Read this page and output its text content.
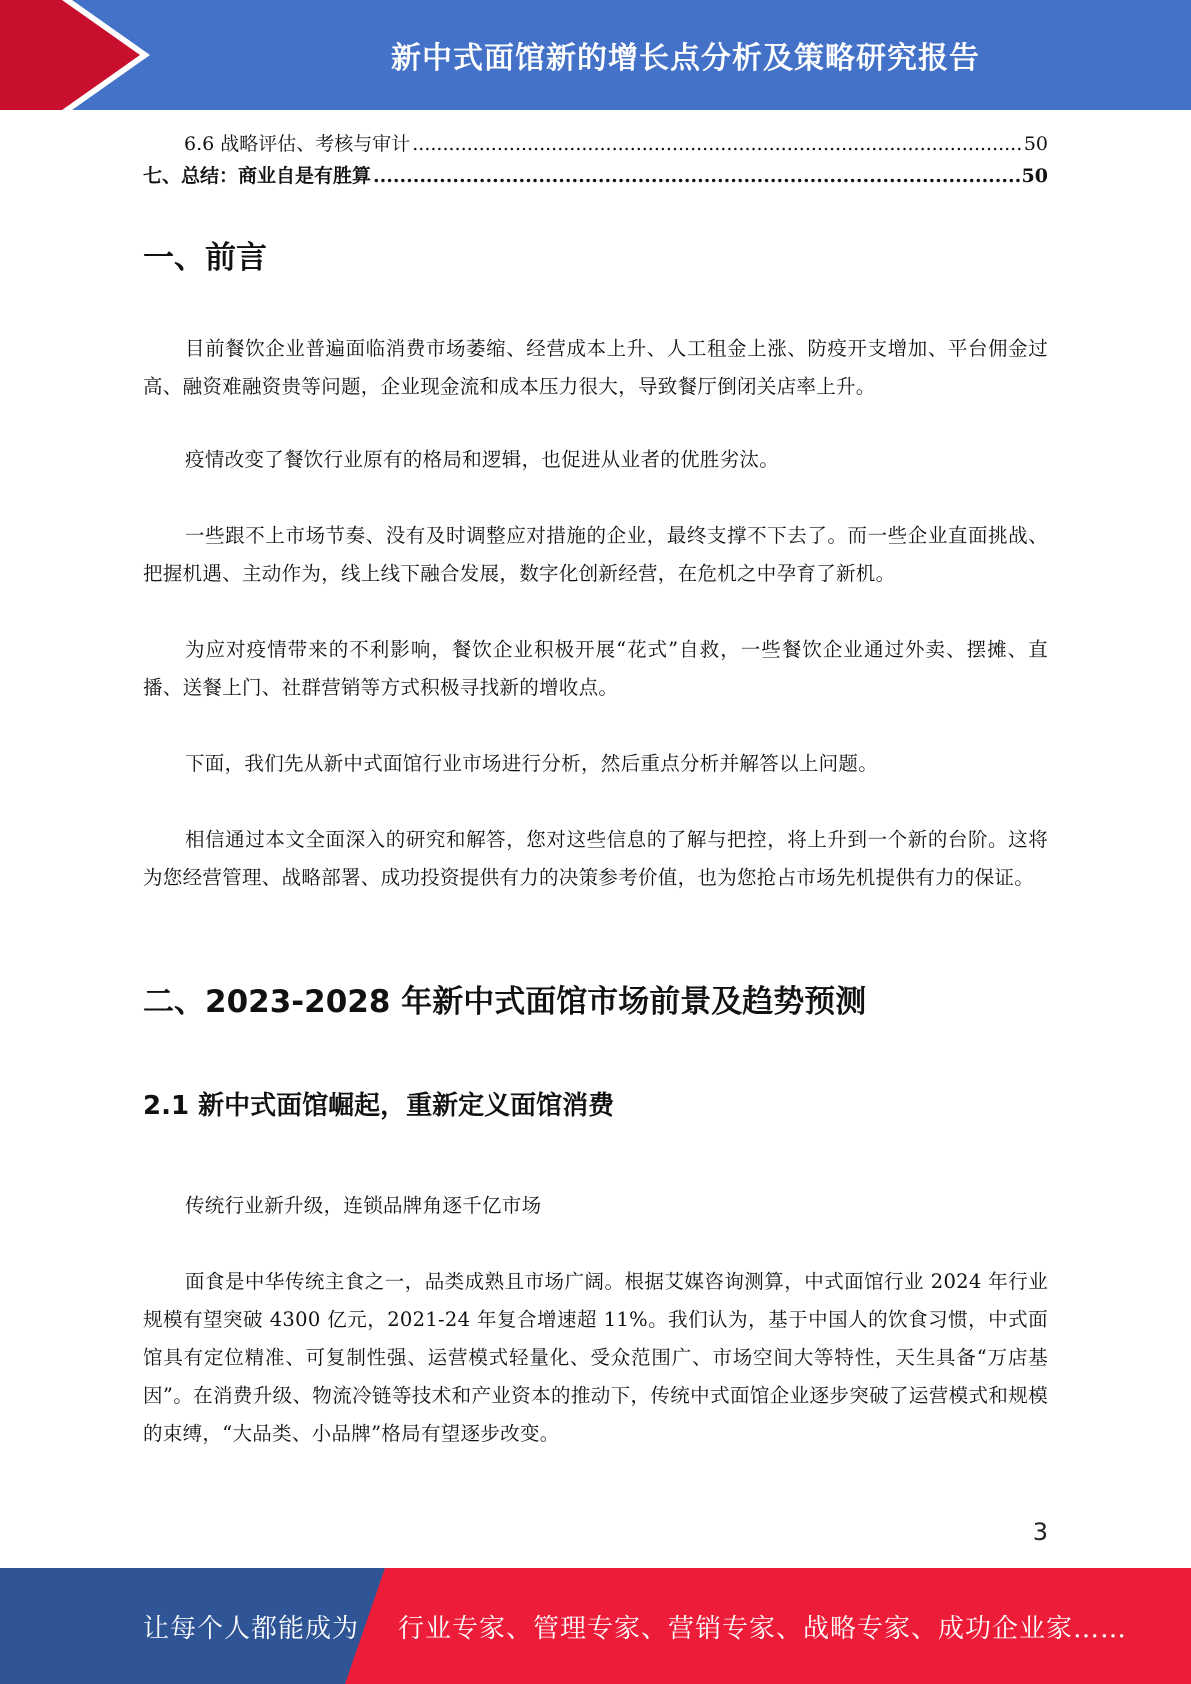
新中式面馆新的增长点分析及策略研究报告
6.6 战略评估、考核与审计 .....	50
七、总结：商业自是有胜算 .....	50
一、前言

目前餐饮企业普遍面临消费市场萎缩、经营成本上升、人工租金上涨、防疫开支增加、平台佣金过高、融资难融资贵等问题，企业现金流和成本压力很大，导致餐厅倒闭关店率上升。

疫情改变了餐饮行业原有的格局和逻辑，也促进从业者的优胜劣汰。

一些跟不上市场节奏、没有及时调整应对措施的企业，最终支撑不下去了。而一些企业直面挑战、把握机遇、主动作为，线上线下融合发展，数字化创新经营，在危机之中孕育了新机。

为应对疫情带来的不利影响，餐饮企业积极开展“花式”自救，一些餐饮企业通过外卖、摆摊、直播、送餐上门、社群营销等方式积极寻找新的增收点。

下面，我们先从新中式面馆行业市场进行分析，然后重点分析并解答以上问题。

相信通过本文全面深入的研究和解答，您对这些信息的了解与把控，将上升到一个新的台阶。这将为您经营管理、战略部署、成功投资提供有力的决策参考价值，也为您抢占市场先机提供有力的保证。

二、2023-2028 年新中式面馆市场前景及趋势预测
2.1 新中式面馆崛起，重新定义面馆消费

传统行业新升级，连锁品牌角逐千亿市场

面食是中华传统主食之一，品类成熟且市场广阔。根据艾媒咨询测算，中式面馆行业 2024 年行业规模有望突破 4300 亿元，2021-24 年复合增速超 11%。我们认为，基于中国人的饮食习惯，中式面馆具有定位精准、可复制性强、运营模式轻量化、受众范围广、市场空间大等特性，天生具备“万店基因”。在消费升级、物流冷链等技术和产业资本的推动下，传统中式面馆企业逐步突破了运营模式和规模的束缚，“大品类、小品牌”格局有望逐步改变。

3
让每个人都能成为 行业专家、管理专家、营销专家、战略专家、成功企业家……
